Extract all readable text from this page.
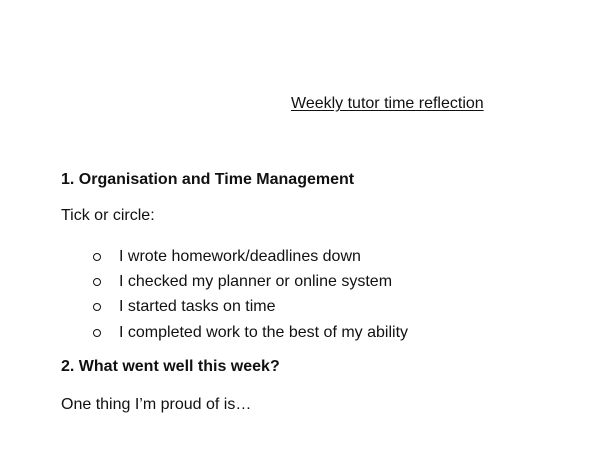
Weekly tutor time reflection
1. Organisation and Time Management
Tick or circle:
I wrote homework/deadlines down
I checked my planner or online system
I started tasks on time
I completed work to the best of my ability
2. What went well this week?
One thing I’m proud of is…
